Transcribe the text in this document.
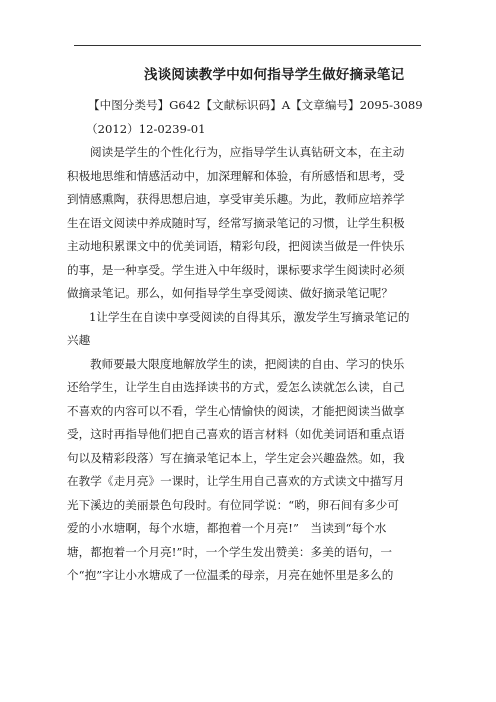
浅谈阅读教学中如何指导学生做好摘录笔记
【中图分类号】G642【文献标识码】A【文章编号】2095-3089
（2012）12-0239-01
阅读是学生的个性化行为，应指导学生认真钻研文本，在主动
积极地思维和情感活动中，加深理解和体验，有所感悟和思考，受
到情感熏陶，获得思想启迪，享受审美乐趣。为此，教师应培养学
生在语文阅读中养成随时写，经常写摘录笔记的习惯，让学生积极
主动地积累课文中的优美词语，精彩句段，把阅读当做是一件快乐
的事，是一种享受。学生进入中年级时，课标要求学生阅读时必须
做摘录笔记。那么，如何指导学生享受阅读、做好摘录笔记呢？
1让学生在自读中享受阅读的自得其乐，激发学生写摘录笔记的
兴趣
教师要最大限度地解放学生的读，把阅读的自由、学习的快乐
还给学生，让学生自由选择读书的方式，爱怎么读就怎么读，自己
不喜欢的内容可以不看，学生心情愉快的阅读，才能把阅读当做享
受，这时再指导他们把自己喜欢的语言材料（如优美词语和重点语
句以及精彩段落）写在摘录笔记本上，学生定会兴趣盎然。如，我
在教学《走月亮》一课时，让学生用自己喜欢的方式读文中描写月
光下溪边的美丽景色句段时。有位同学说：“哟，卵石间有多少可
爱的小水塘啊，每个水塘，都抱着一个月亮!”　当读到“每个水
塘，都抱着一个月亮!”时，一个学生发出赞美：多美的语句，一
个“抱”字让小水塘成了一位温柔的母亲，月亮在她怀里是多么的
